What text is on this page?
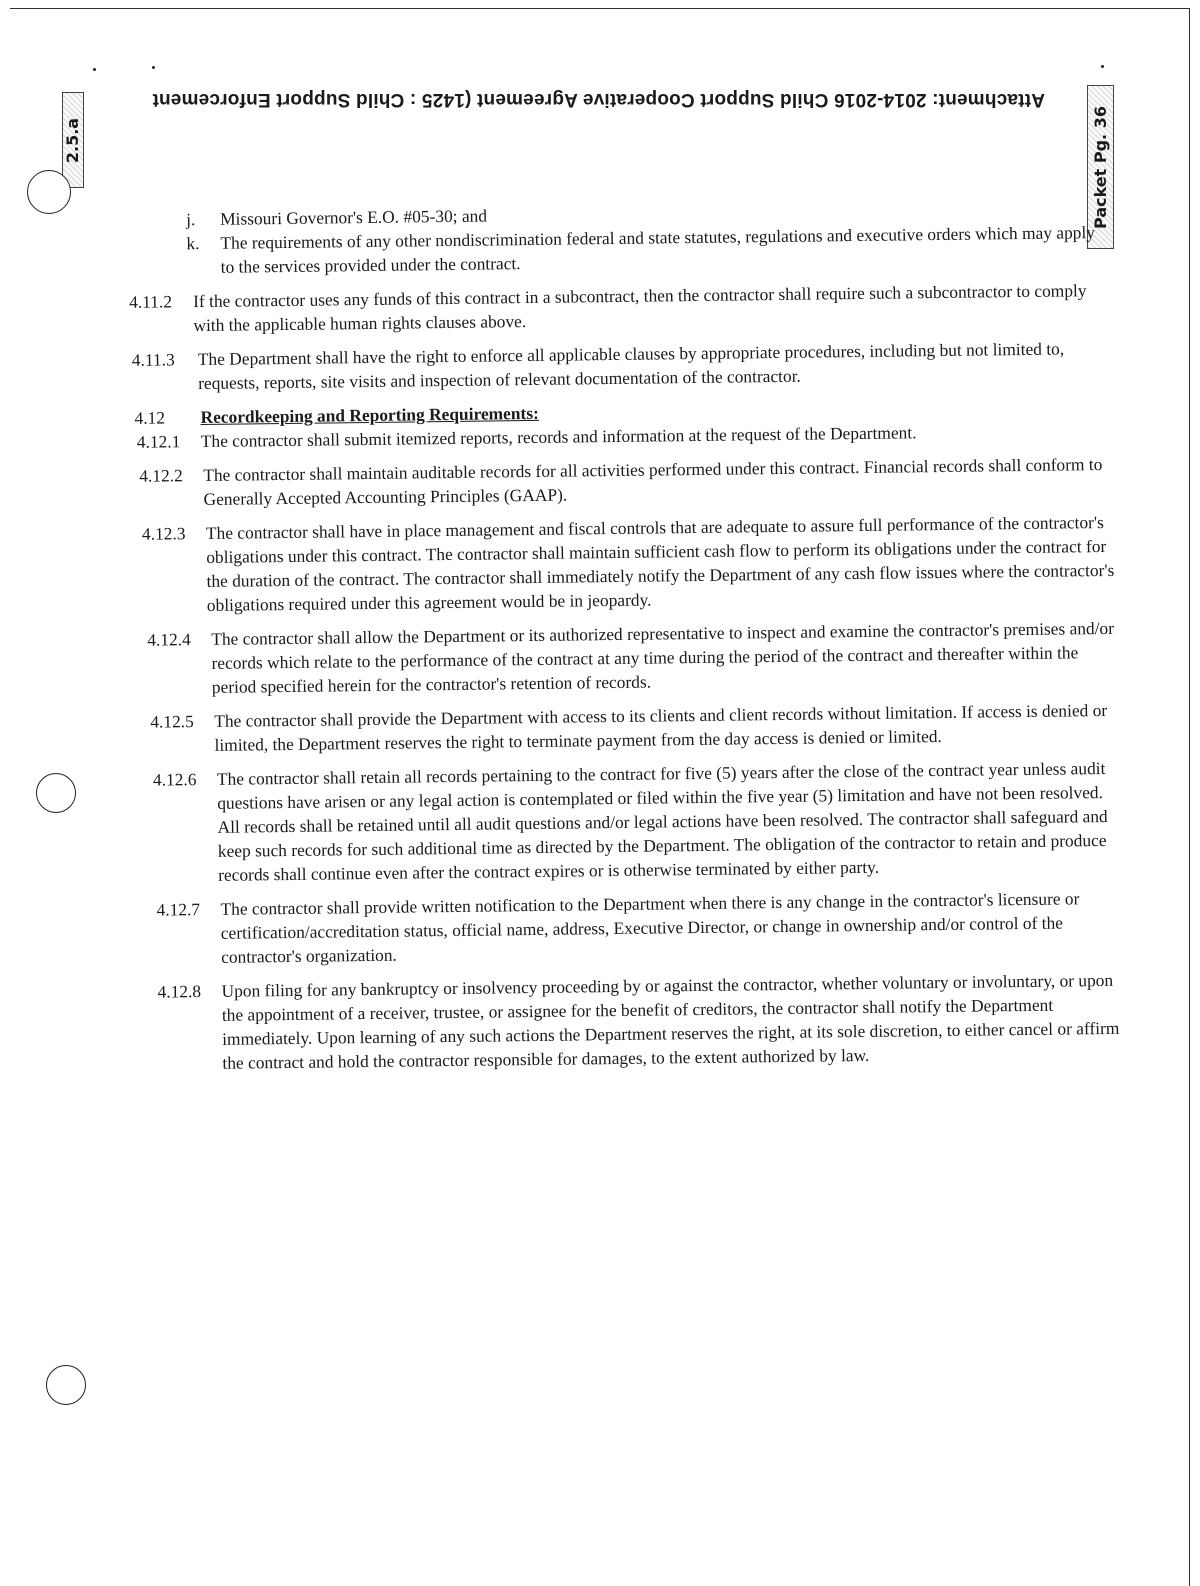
Attachment: 2014-2016 Child Support Cooperative Agreement (1425 : Child Support Enforcement
2.5.a	Packet Pg. 36
j.	Missouri Governor's E.O. #05-30; and
k.	The requirements of any other nondiscrimination federal and state statutes, regulations and executive orders which may apply to the services provided under the contract.
4.11.2	If the contractor uses any funds of this contract in a subcontract, then the contractor shall require such a subcontractor to comply with the applicable human rights clauses above.
4.11.3	The Department shall have the right to enforce all applicable clauses by appropriate procedures, including but not limited to, requests, reports, site visits and inspection of relevant documentation of the contractor.
4.12	Recordkeeping and Reporting Requirements:
4.12.1	The contractor shall submit itemized reports, records and information at the request of the Department.
4.12.2	The contractor shall maintain auditable records for all activities performed under this contract. Financial records shall conform to Generally Accepted Accounting Principles (GAAP).
4.12.3	The contractor shall have in place management and fiscal controls that are adequate to assure full performance of the contractor's obligations under this contract. The contractor shall maintain sufficient cash flow to perform its obligations under the contract for the duration of the contract. The contractor shall immediately notify the Department of any cash flow issues where the contractor's obligations required under this agreement would be in jeopardy.
4.12.4	The contractor shall allow the Department or its authorized representative to inspect and examine the contractor's premises and/or records which relate to the performance of the contract at any time during the period of the contract and thereafter within the period specified herein for the contractor's retention of records.
4.12.5	The contractor shall provide the Department with access to its clients and client records without limitation. If access is denied or limited, the Department reserves the right to terminate payment from the day access is denied or limited.
4.12.6	The contractor shall retain all records pertaining to the contract for five (5) years after the close of the contract year unless audit questions have arisen or any legal action is contemplated or filed within the five year (5) limitation and have not been resolved. All records shall be retained until all audit questions and/or legal actions have been resolved. The contractor shall safeguard and keep such records for such additional time as directed by the Department. The obligation of the contractor to retain and produce records shall continue even after the contract expires or is otherwise terminated by either party.
4.12.7	The contractor shall provide written notification to the Department when there is any change in the contractor's licensure or certification/accreditation status, official name, address, Executive Director, or change in ownership and/or control of the contractor's organization.
4.12.8	Upon filing for any bankruptcy or insolvency proceeding by or against the contractor, whether voluntary or involuntary, or upon the appointment of a receiver, trustee, or assignee for the benefit of creditors, the contractor shall notify the Department immediately. Upon learning of any such actions the Department reserves the right, at its sole discretion, to either cancel or affirm the contract and hold the contractor responsible for damages, to the extent authorized by law.
